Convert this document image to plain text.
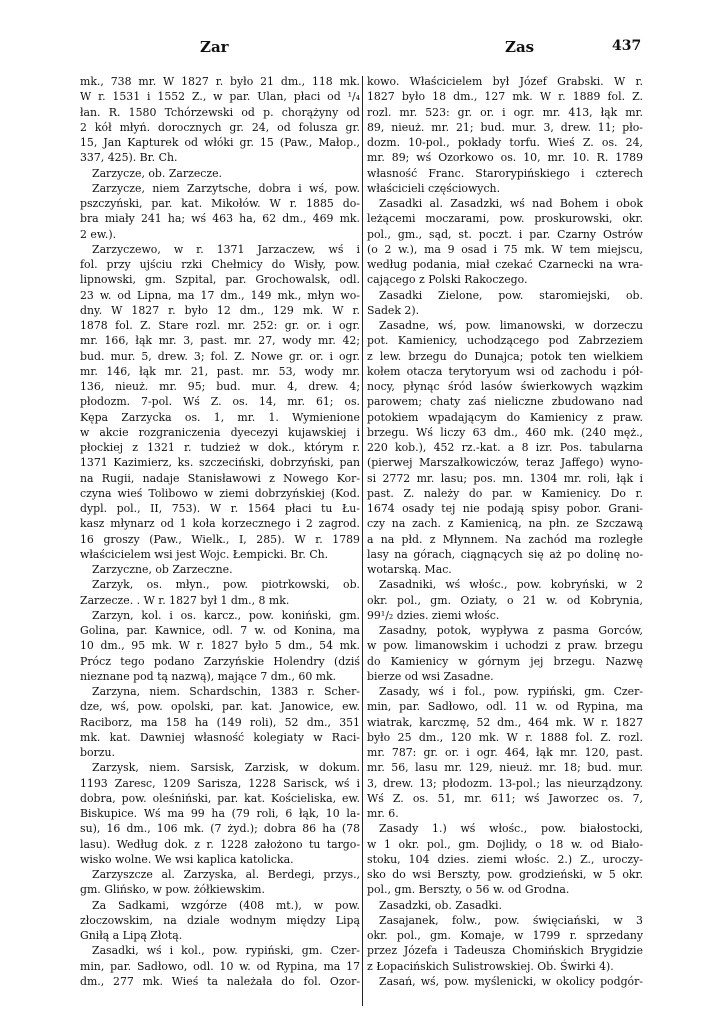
Zar	Zas	437
mk., 738 mr. W 1827 r. było 21 dm., 118 mk.
W r. 1531 i 1552 Z., w par. Ulan, płaci od ¹/₄
łan. R. 1580 Tchórzewski od p. chorążyny od
2 kół młyń. dorocznych gr. 24, od folusza gr.
15, Jan Kapturek od włóki gr. 15 (Paw., Małop.,
337, 425). Br. Ch.
Zarzycze, ob. Zarzecze.
Zarzycze, niem Zarzytsche, dobra i wś, pow.
pszczyński, par. kat. Mikołów. W r. 1885 do-
bra miały 241 ha; wś 463 ha, 62 dm., 469 mk.
2 ew.).
Zarzyczewo, w r. 1371 Jarzaczew, wś i
fol. przy ujściu rzki Chełmicy do Wisły, pow.
lipnowski, gm. Szpital, par. Grochowalsk, odl.
23 w. od Lipna, ma 17 dm., 149 mk., młyn wo-
dny. W 1827 r. było 12 dm., 129 mk. W r.
1878 fol. Z. Stare rozl. mr. 252: gr. or. i ogr.
mr. 166, łąk mr. 3, past. mr. 27, wody mr. 42;
bud. mur. 5, drew. 3; fol. Z. Nowe gr. or. i ogr.
mr. 146, łąk mr. 21, past. mr. 53, wody mr.
136, nieuż. mr. 95; bud. mur. 4, drew. 4;
płodozm. 7-pol. Wś Z. os. 14, mr. 61; os.
Kępa Zarzycka os. 1, mr. 1. Wymienione
w akcie rozgraniczenia dyecezyi kujawskiej i
płockiej z 1321 r. tudzież w dok., którym r.
1371 Kazimierz, ks. szczeciński, dobrzyński, pan
na Rugii, nadaje Stanisławowi z Nowego Kor-
czyna wieś Tolibowo w ziemi dobrzyńskiej (Kod.
dypl. pol., II, 753). W r. 1564 płaci tu Łu-
kasz młynarz od 1 koła korzecznego i 2 zagrod.
16 groszy (Paw., Wielk., I, 285). W r. 1789
właścicielem wsi jest Wojc. Łempicki. Br. Ch.
Zarzyczne, ob Zarzeczne.
Zarzyk, os. młyn., pow. piotrkowski, ob.
Zarzecze. . W r. 1827 był 1 dm., 8 mk.
Zarzyn, kol. i os. karcz., pow. koniński, gm.
Golina, par. Kawnice, odl. 7 w. od Konina, ma
10 dm., 95 mk. W r. 1827 było 5 dm., 54 mk.
Prócz tego podano Zarzyńskie Holendry (dziś
nieznane pod tą nazwą), mające 7 dm., 60 mk.
Zarzyna, niem. Schardschin, 1383 r. Scher-
dze, wś, pow. opolski, par. kat. Janowice, ew.
Raciborz, ma 158 ha (149 roli), 52 dm., 351
mk. kat. Dawniej własność kolegiaty w Raci-
borzu.
Zarzysk, niem. Sarsisk, Zarzisk, w dokum.
1193 Zaresc, 1209 Sarisza, 1228 Sarisck, wś i
dobra, pow. oleśniński, par. kat. Kościeliska, ew.
Biskupice. Wś ma 99 ha (79 roli, 6 łąk, 10 la-
su), 16 dm., 106 mk. (7 żyd.); dobra 86 ha (78
lasu). Według dok. z r. 1228 założono tu targo-
wisko wolne. We wsi kaplica katolicka.
Zarzyszcze al. Zarzyska, al. Berdegi, przys.,
gm. Glińsko, w pow. żółkiewskim.
Za Sadkami, wzgórze (408 mt.), w pow.
złoczowskim, na dziale wodnym między Lipą
Gniłą a Lipą Złotą.
Zasadki, wś i kol., pow. rypiński, gm. Czer-
min, par. Sadłowo, odl. 10 w. od Rypina, ma 17
dm., 277 mk. Wieś ta należała do fol. Ozor-
kowo. Właścicielem był Józef Grabski. W r.
1827 było 18 dm., 127 mk. W r. 1889 fol. Z.
rozl. mr. 523: gr. or. i ogr. mr. 413, łąk mr.
89, nieuż. mr. 21; bud. mur. 3, drew. 11; pło-
dozm. 10-pol., pokłady torfu. Wieś Z. os. 24,
mr. 89; wś Ozorkowo os. 10, mr. 10. R. 1789
własność Franc. Starorypińskiego i czterech
właścicieli częściowych.
Zasadki al. Zasadzki, wś nad Bohem i obok
leżącemi moczarami, pow. proskurowski, okr.
pol., gm., sąd, st. poczt. i par. Czarny Ostrów
(o 2 w.), ma 9 osad i 75 mk. W tem miejscu,
według podania, miał czekać Czarnecki na wra-
cającego z Polski Rakoczego.
Zasadki Zielone, pow. staromiejski, ob.
Sadek 2).
Zasadne, wś, pow. limanowski, w dorzeczu
pot. Kamienicy, uchodzącego pod Zabrzeziem
z lew. brzegu do Dunajca; potok ten wielkiem
kołem otacza terytoryum wsi od zachodu i pół-
nocy, płynąc śród lasów świerkowych wązkim
parowem; chaty zaś nieliczne zbudowano nad
potokiem wpadającym do Kamienicy z praw.
brzegu. Wś liczy 63 dm., 460 mk. (240 męż.,
220 kob.), 452 rz.-kat. a 8 izr. Pos. tabularna
(pierwej Marszałkowiczów, teraz Jaffego) wyno-
si 2772 mr. lasu; pos. mn. 1304 mr. roli, łąk i
past. Z. należy do par. w Kamienicy. Do r.
1674 osady tej nie podają spisy pobor. Grani-
czy na zach. z Kamienicą, na płn. ze Szczawą
a na płd. z Młynnem. Na zachód ma rozległe
lasy na górach, ciągnących się aż po dolinę no-
wotarską. Mac.
Zasadniki, wś włośc., pow. kobryński, w 2
okr. pol., gm. Oziaty, o 21 w. od Kobrynia,
99¹/₂ dzies. ziemi włośc.
Zasadny, potok, wypływa z pasma Gorców,
w pow. limanowskim i uchodzi z praw. brzegu
do Kamienicy w górnym jej brzegu. Nazwę
bierze od wsi Zasadne.
Zasady, wś i fol., pow. rypiński, gm. Czer-
min, par. Sadłowo, odl. 11 w. od Rypina, ma
wiatrak, karczmę, 52 dm., 464 mk. W r. 1827
było 25 dm., 120 mk. W r. 1888 fol. Z. rozl.
mr. 787: gr. or. i ogr. 464, łąk mr. 120, past.
mr. 56, lasu mr. 129, nieuż. mr. 18; bud. mur.
3, drew. 13; płodozm. 13-pol.; las nieurządzony.
Wś Z. os. 51, mr. 611; wś Jaworzec os. 7,
mr. 6.
Zasady 1.) wś włośc., pow. białostocki,
w 1 okr. pol., gm. Dojlidy, o 18 w. od Biało-
stoku, 104 dzies. ziemi włośc. 2.) Z., uroczy-
sko do wsi Berszty, pow. grodzieński, w 5 okr.
pol., gm. Berszty, o 56 w. od Grodna.
Zasadzki, ob. Zasadki.
Zasajanek, folw., pow. święciański, w 3
okr. pol., gm. Komaje, w 1799 r. sprzedany
przez Józefa i Tadeusza Chomińskich Brygidzie
z Łopacińskich Sulistrowskiej. Ob. Świrki 4).
Zasań, wś, pow. myślenicki, w okolicy podgór-
